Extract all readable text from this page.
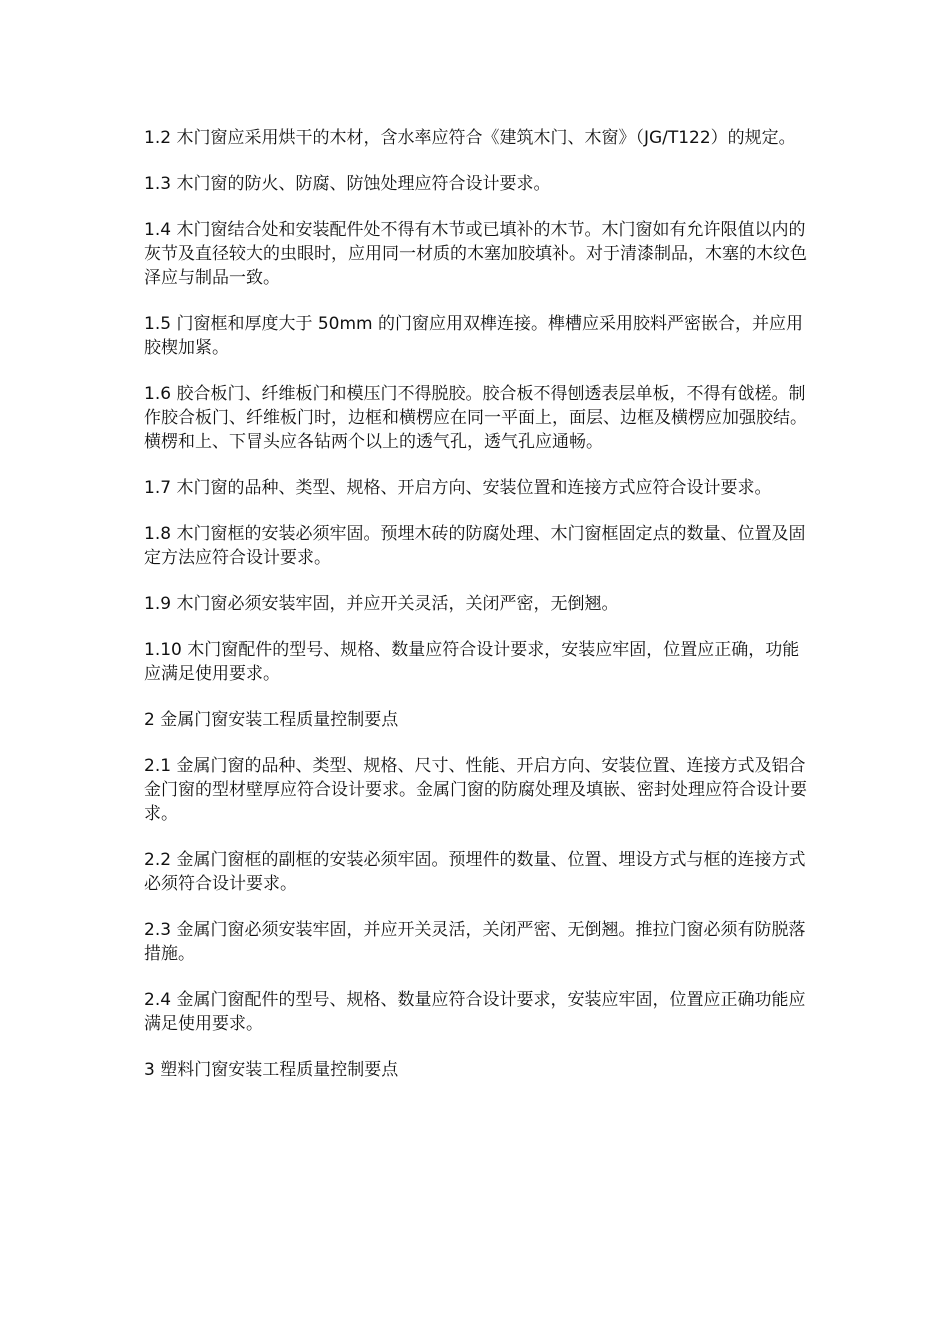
1.2 木门窗应采用烘干的木材，含水率应符合《建筑木门、木窗》（JG/T122）的规定。

1.3 木门窗的防火、防腐、防蚀处理应符合设计要求。

1.4 木门窗结合处和安装配件处不得有木节或已填补的木节。木门窗如有允许限值以内的灰节及直径较大的虫眼时，应用同一材质的木塞加胶填补。对于清漆制品，木塞的木纹色泽应与制品一致。

1.5 门窗框和厚度大于 50mm 的门窗应用双榫连接。榫槽应采用胶料严密嵌合，并应用胶楔加紧。

1.6 胶合板门、纤维板门和模压门不得脱胶。胶合板不得刨透表层单板，不得有戗槎。制作胶合板门、纤维板门时，边框和横楞应在同一平面上，面层、边框及横楞应加强胶结。横楞和上、下冒头应各钻两个以上的透气孔，透气孔应通畅。

1.7 木门窗的品种、类型、规格、开启方向、安装位置和连接方式应符合设计要求。

1.8 木门窗框的安装必须牢固。预埋木砖的防腐处理、木门窗框固定点的数量、位置及固定方法应符合设计要求。

1.9 木门窗必须安装牢固，并应开关灵活，关闭严密，无倒翘。

1.10 木门窗配件的型号、规格、数量应符合设计要求，安装应牢固，位置应正确，功能应满足使用要求。

2 金属门窗安装工程质量控制要点

2.1 金属门窗的品种、类型、规格、尺寸、性能、开启方向、安装位置、连接方式及铝合金门窗的型材壁厚应符合设计要求。金属门窗的防腐处理及填嵌、密封处理应符合设计要求。

2.2 金属门窗框的副框的安装必须牢固。预埋件的数量、位置、埋设方式与框的连接方式必须符合设计要求。

2.3 金属门窗必须安装牢固，并应开关灵活，关闭严密、无倒翘。推拉门窗必须有防脱落措施。

2.4 金属门窗配件的型号、规格、数量应符合设计要求，安装应牢固，位置应正确功能应满足使用要求。

3 塑料门窗安装工程质量控制要点
